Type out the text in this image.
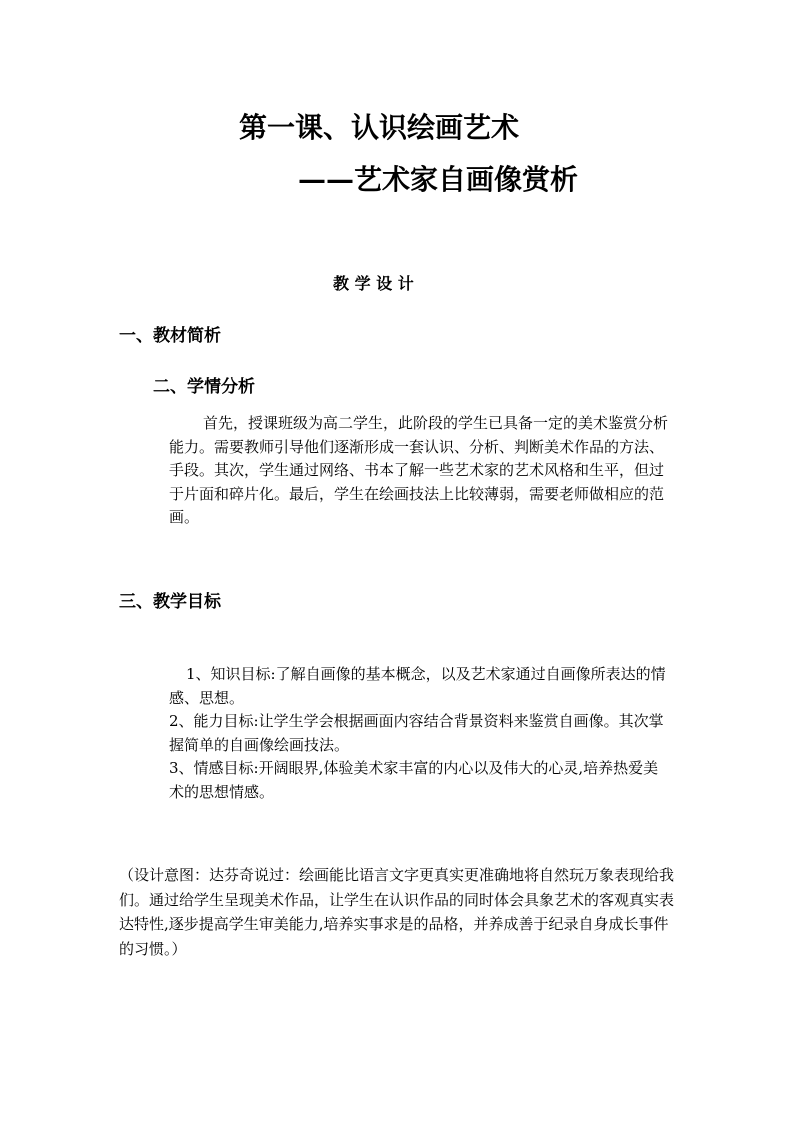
第一课、认识绘画艺术
——艺术家自画像赏析
教 学 设 计
一、教材简析
二、学情分析

首先，授课班级为高二学生，此阶段的学生已具备一定的美术鉴赏分析能力。需要教师引导他们逐渐形成一套认识、分析、判断美术作品的方法、手段。其次，学生通过网络、书本了解一些艺术家的艺术风格和生平，但过于片面和碎片化。最后，学生在绘画技法上比较薄弱，需要老师做相应的范画。

三、教学目标

1、知识目标:了解自画像的基本概念，以及艺术家通过自画像所表达的情感、思想。

2、能力目标:让学生学会根据画面内容结合背景资料来鉴赏自画像。其次掌握简单的自画像绘画技法。

3、情感目标:开阔眼界,体验美术家丰富的内心以及伟大的心灵,培养热爱美术的思想情感。

（设计意图：达芬奇说过：绘画能比语言文字更真实更准确地将自然玩万象表现给我们。通过给学生呈现美术作品，让学生在认识作品的同时体会具象艺术的客观真实表达特性,逐步提高学生审美能力,培养实事求是的品格，并养成善于纪录自身成长事件的习惯。）
